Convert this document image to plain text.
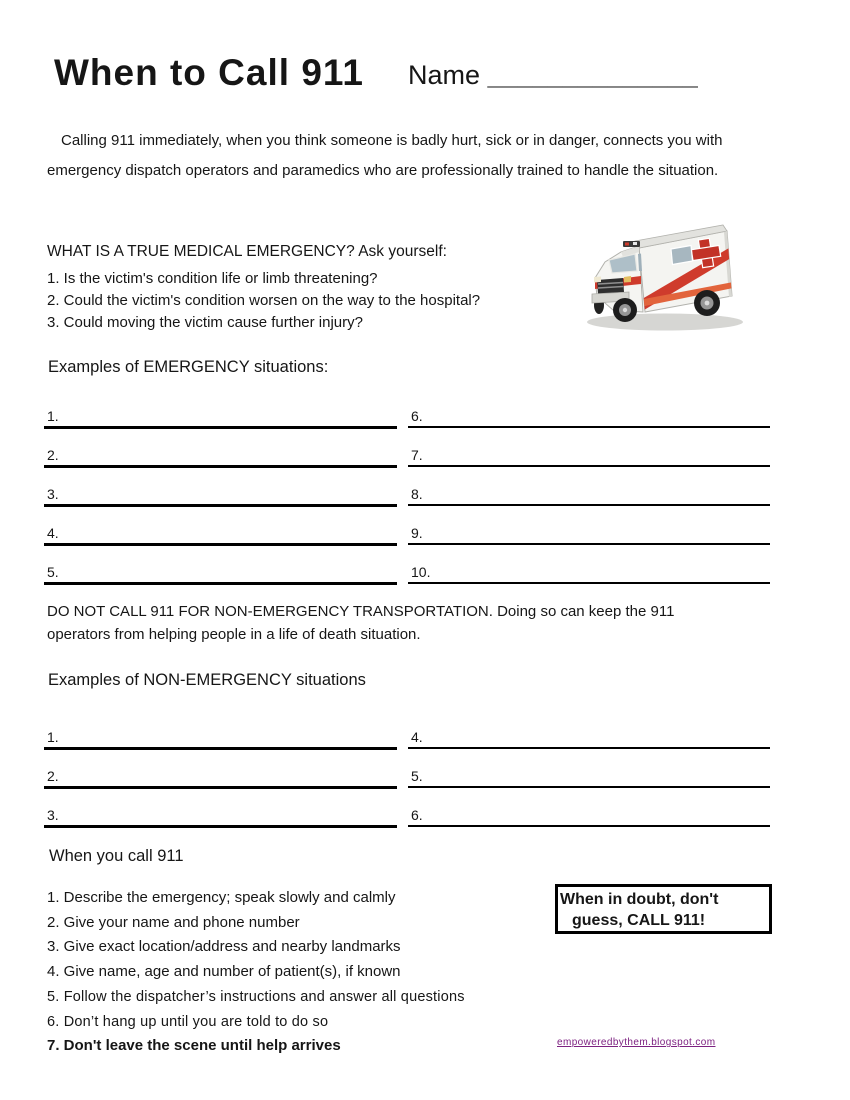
When to Call 911 Name ______________
Calling 911 immediately, when you think someone is badly hurt, sick or in danger, connects you with emergency dispatch operators and paramedics who are professionally trained to handle the situation.
WHAT IS A TRUE MEDICAL EMERGENCY? Ask yourself:
1. Is the victim's condition life or limb threatening?
2. Could the victim's condition worsen on the way to the hospital?
3. Could moving the victim cause further injury?
Examples of EMERGENCY situations:
1.
2.
3.
4.
5.
6.
7.
8.
9.
10.
DO NOT CALL 911 FOR NON-EMERGENCY TRANSPORTATION. Doing so can keep the 911 operators from helping people in a life of death situation.
Examples of NON-EMERGENCY situations
1.
2.
3.
4.
5.
6.
When you call 911
1. Describe the emergency; speak slowly and calmly
2. Give your name and phone number
3. Give exact location/address and nearby landmarks
4. Give name, age and number of patient(s), if known
5. Follow the dispatcher’s instructions and answer all questions
6. Don’t hang up until you are told to do so
7. Don't leave the scene until help arrives
When in doubt, don't
guess, CALL 911!
empoweredbythem.blogspot.com
